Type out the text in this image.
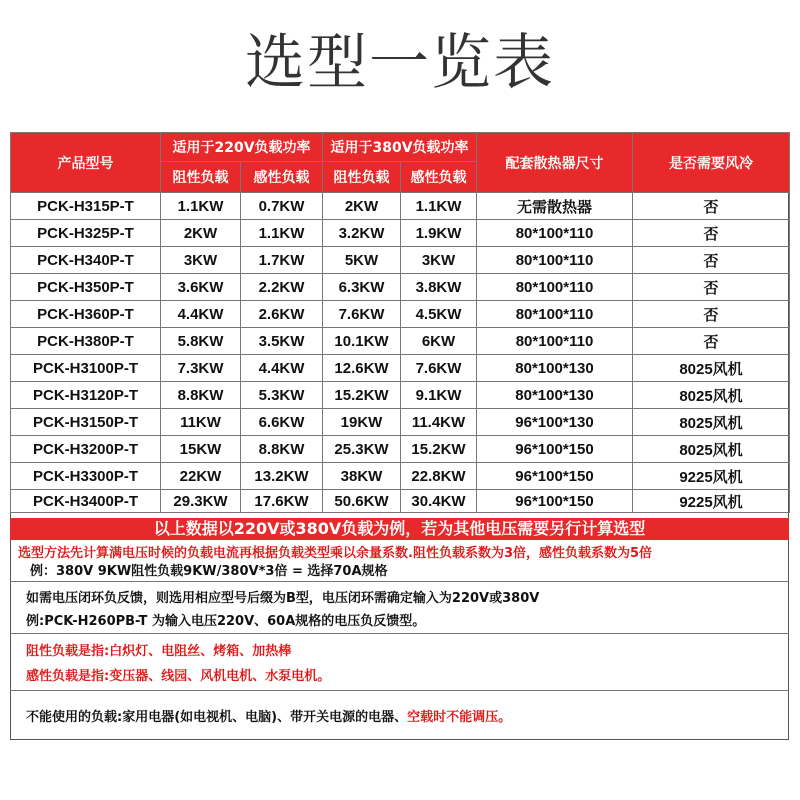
选型一览表
产品型号	适用于220V负载功率		适用于380V负载功率		配套散热器尺寸	是否需要风冷
	阻性负载	感性负载	阻性负载	感性负载		
PCK-H315P-T	1.1KW	0.7KW	2KW	1.1KW	无需散热器	否
PCK-H325P-T	2KW	1.1KW	3.2KW	1.9KW	80*100*110	否
PCK-H340P-T	3KW	1.7KW	5KW	3KW	80*100*110	否
PCK-H350P-T	3.6KW	2.2KW	6.3KW	3.8KW	80*100*110	否
PCK-H360P-T	4.4KW	2.6KW	7.6KW	4.5KW	80*100*110	否
PCK-H380P-T	5.8KW	3.5KW	10.1KW	6KW	80*100*110	否
PCK-H3100P-T	7.3KW	4.4KW	12.6KW	7.6KW	80*100*130	8025风机
PCK-H3120P-T	8.8KW	5.3KW	15.2KW	9.1KW	80*100*130	8025风机
PCK-H3150P-T	11KW	6.6KW	19KW	11.4KW	96*100*130	8025风机
PCK-H3200P-T	15KW	8.8KW	25.3KW	15.2KW	96*100*150	8025风机
PCK-H3300P-T	22KW	13.2KW	38KW	22.8KW	96*100*150	9225风机
PCK-H3400P-T	29.3KW	17.6KW	50.6KW	30.4KW	96*100*150	9225风机
以上数据以220V或380V负载为例，若为其他电压需要另行计算选型
选型方法先计算满电压时候的负载电流再根据负载类型乘以余量系数.阻性负载系数为3倍，感性负载系数为5倍
例：380V 9KW阻性负载9KW/380V*3倍 = 选择70A规格
如需电压闭环负反馈，则选用相应型号后缀为B型，电压闭环需确定输入为220V或380V
例:PCK-H260PB-T 为输入电压220V、60A规格的电压负反馈型。
阻性负载是指:白炽灯、电阻丝、烤箱、加热棒
感性负载是指:变压器、线园、风机电机、水泵电机。
不能使用的负载:家用电器(如电视机、电脑)、带开关电源的电器、空载时不能调压。
